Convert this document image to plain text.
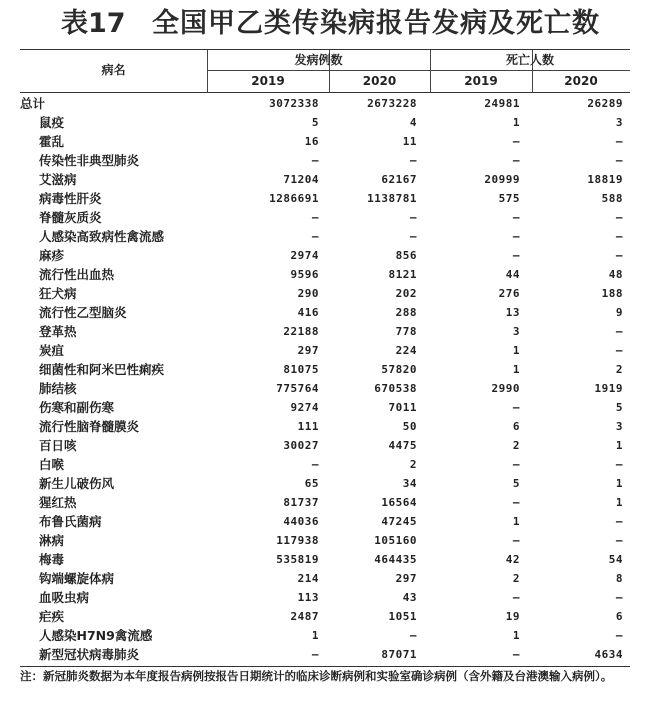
表17 全国甲乙类传染病报告发病及死亡数
病名
发病例数	死亡人数
2019	2020	2019	2020
总计	3072338	2673228	24981	26289
鼠疫	5	4	1	3
霍乱	16	11	–	–
传染性非典型肺炎	–	–	–	–
艾滋病	71204	62167	20999	18819
病毒性肝炎	1286691	1138781	575	588
脊髓灰质炎	–	–	–	–
人感染高致病性禽流感	–	–	–	–
麻疹	2974	856	–	–
流行性出血热	9596	8121	44	48
狂犬病	290	202	276	188
流行性乙型脑炎	416	288	13	9
登革热	22188	778	3	–
炭疽	297	224	1	–
细菌性和阿米巴性痢疾	81075	57820	1	2
肺结核	775764	670538	2990	1919
伤寒和副伤寒	9274	7011	–	5
流行性脑脊髓膜炎	111	50	6	3
百日咳	30027	4475	2	1
白喉	–	2	–	–
新生儿破伤风	65	34	5	1
猩红热	81737	16564	–	1
布鲁氏菌病	44036	47245	1	–
淋病	117938	105160	–	–
梅毒	535819	464435	42	54
钩端螺旋体病	214	297	2	8
血吸虫病	113	43	–	–
疟疾	2487	1051	19	6
人感染H7N9禽流感	1	–	1	–
新型冠状病毒肺炎	–	87071	–	4634
注：新冠肺炎数据为本年度报告病例按报告日期统计的临床诊断病例和实验室确诊病例（含外籍及台港澳输入病例）。
